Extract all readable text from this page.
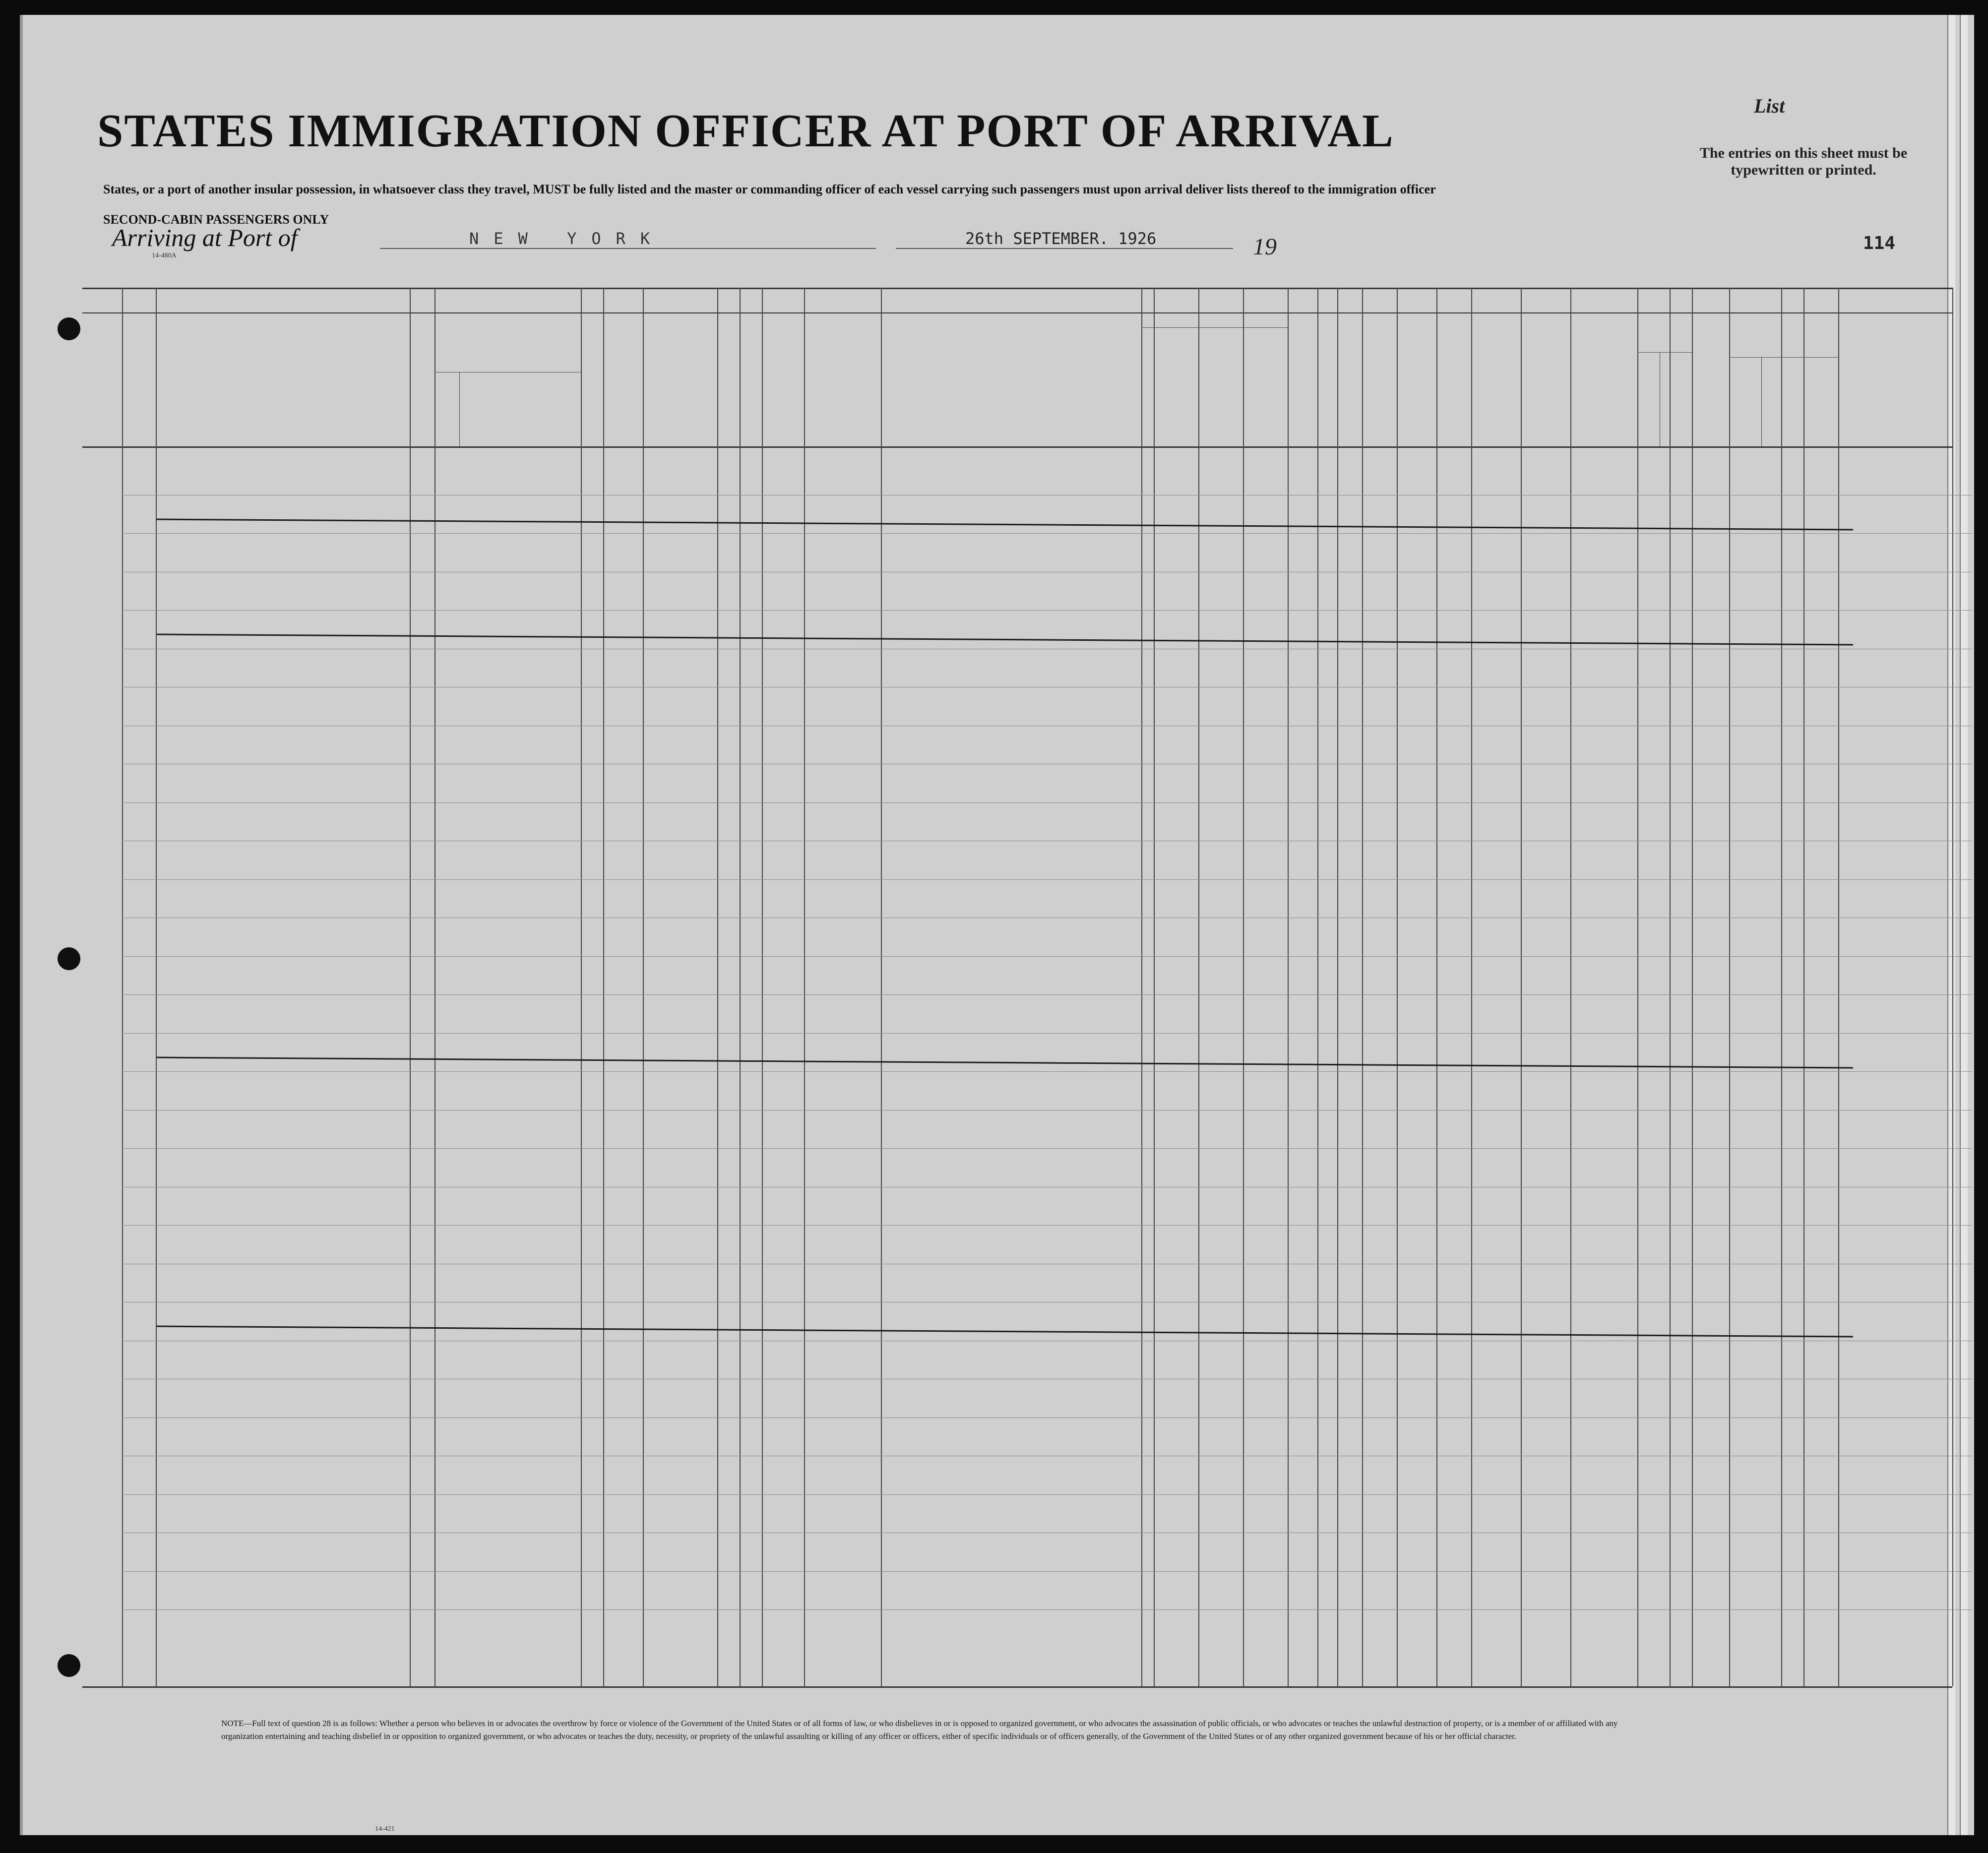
List
STATES IMMIGRATION OFFICER AT PORT OF ARRIVAL	The entries on this sheet must be typewritten or printed.
States, or a port of another insular possession, in whatsoever class they travel, MUST be fully listed and the master or commanding officer of each vessel carrying such passengers must upon arrival deliver lists thereof to the immigration officer
SECOND-CABIN PASSENGERS ONLY
Arriving at Port of	NEW YORK	26th SEPTEMBER. 1926	19	114
14-480A
NOTE—Full text of question 28 is as follows: Whether a person who believes in or advocates the overthrow by force or violence of the Government of the United States or of all forms of law, or who disbelieves in or is opposed to organized government, or who advocates the assassination of public officials, or who advocates or teaches the unlawful destruction of property, or is a member of or affiliated with any organization entertaining and teaching disbelief in or opposition to organized government, or who advocates or teaches the duty, necessity, or propriety of the unlawful assaulting or killing of any officer or officers, either of specific individuals or of officers generally, of the Government of the United States or of any other organized government because of his or her official character.
14-421
